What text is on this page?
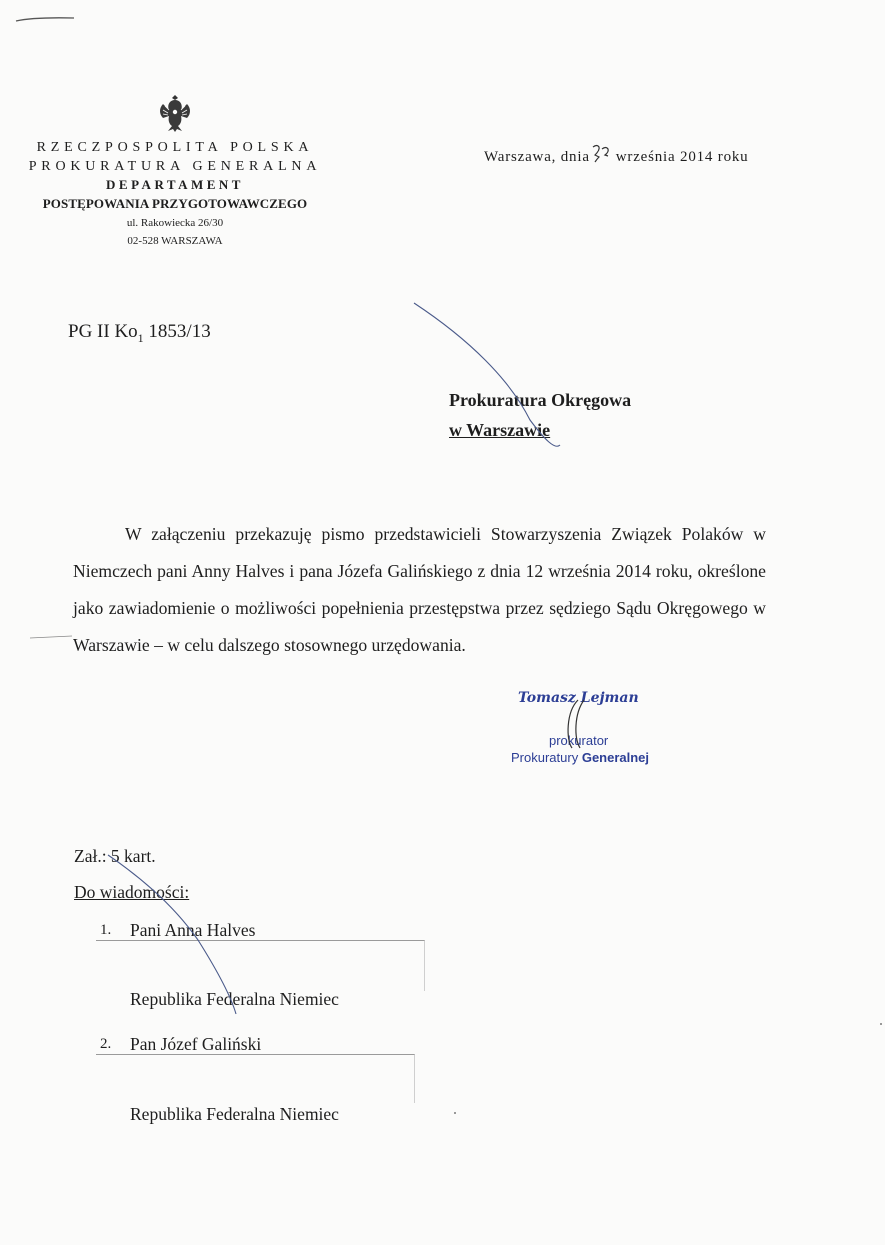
RZECZPOSPOLITA POLSKA
PROKURATURA GENERALNA
DEPARTAMENT
POSTĘPOWANIA PRZYGOTOWAWCZEGO
ul. Rakowiecka 26/30
02-528 WARSZAWA
Warszawa, dnia września 2014 roku
PG II $Ko_1$ 1853/13
Prokuratura Okręgowa
w Warszawie
W załączeniu przekazuję pismo przedstawicieli Stowarzyszenia Związek Polaków w Niemczech pani Anny Halves i pana Józefa Galińskiego z dnia 12 września 2014 roku, określone jako zawiadomienie o możliwości popełnienia przestępstwa przez sędziego Sądu Okręgowego w Warszawie – w celu dalszego stosownego urzędowania.
Tomasz Lejman
prokurator
Prokuratury Generalnej
Zał.: 5 kart.
Do wiadomości:
1. Pani Anna Halves
Republika Federalna Niemiec
2. Pan Józef Galiński
Republika Federalna Niemiec
